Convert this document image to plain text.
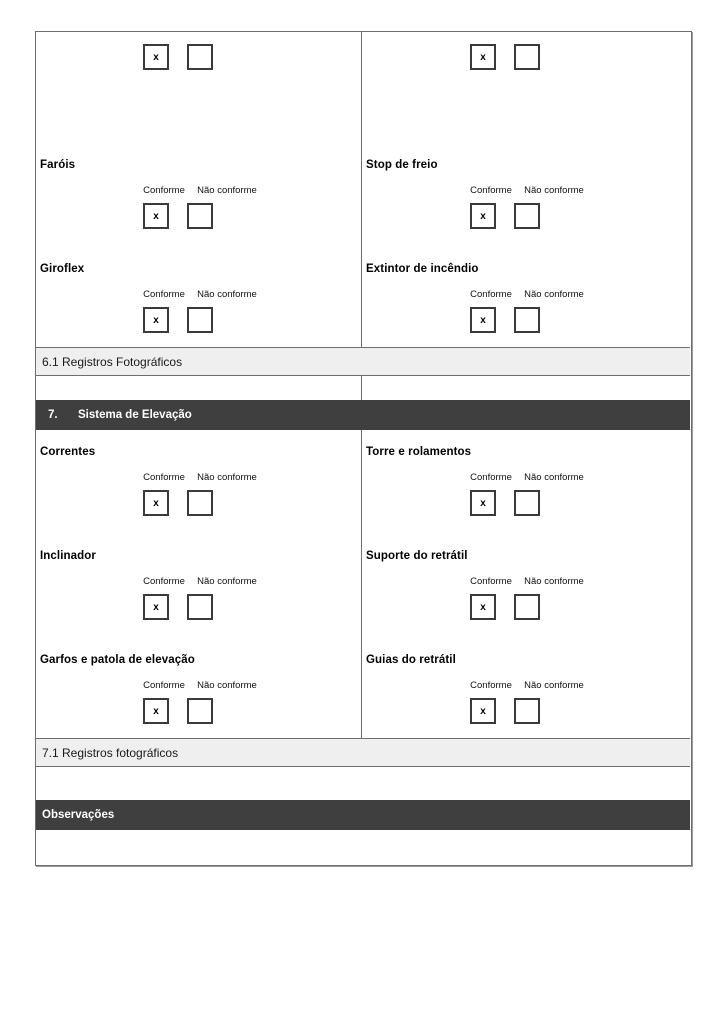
x
Faróis
Conforme	Não conforme
x
Giroflex
Conforme	Não conforme
x
x
Stop de freio
Conforme	Não conforme
x
Extintor de incêndio
Conforme	Não conforme
x
6.1 Registros Fotográficos
7.	Sistema de Elevação
Correntes
Conforme	Não conforme
x
Inclinador
Conforme	Não conforme
x
Garfos e patola de elevação
Conforme	Não conforme
x
Torre e rolamentos
Conforme	Não conforme
x
Suporte do retrátil
Conforme	Não conforme
x
Guias do retrátil
Conforme	Não conforme
x
7.1 Registros fotográficos
Observações
